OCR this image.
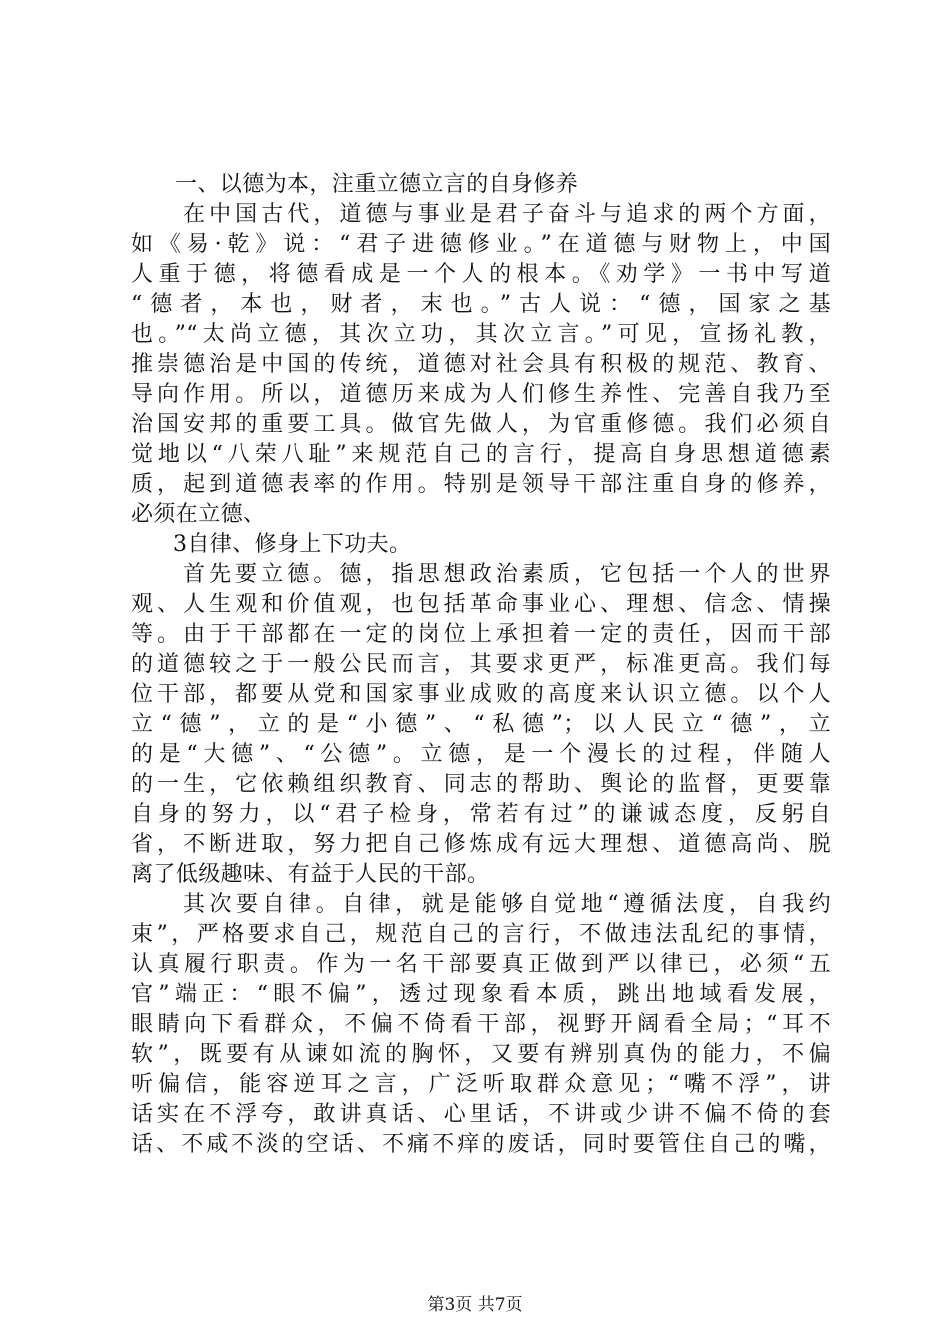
一、以德为本，注重立德立言的自身修养
在中国古代，道德与事业是君子奋斗与追求的两个方面，
如《易·乾》说：“君子进德修业。”在道德与财物上，中国
人重于德，将德看成是一个人的根本。《劝学》一书中写道
“德者，本也，财者，末也。”古人说：“德，国家之基
也。”“太尚立德，其次立功，其次立言。”可见，宣扬礼教，
推崇德治是中国的传统，道德对社会具有积极的规范、教育、
导向作用。所以，道德历来成为人们修生养性、完善自我乃至
治国安邦的重要工具。做官先做人，为官重修德。我们必须自
觉地以“八荣八耻”来规范自己的言行，提高自身思想道德素
质，起到道德表率的作用。特别是领导干部注重自身的修养，
必须在立德、
3自律、修身上下功夫。
首先要立德。德，指思想政治素质，它包括一个人的世界
观、人生观和价值观，也包括革命事业心、理想、信念、情操
等。由于干部都在一定的岗位上承担着一定的责任，因而干部
的道德较之于一般公民而言，其要求更严，标准更高。我们每
位干部，都要从党和国家事业成败的高度来认识立德。以个人
立“德”，立的是“小德”、“私德”；以人民立“德”，立
的是“大德”、“公德”。立德，是一个漫长的过程，伴随人
的一生，它依赖组织教育、同志的帮助、舆论的监督，更要靠
自身的努力，以“君子检身，常若有过”的谦诚态度，反躬自
省，不断进取，努力把自己修炼成有远大理想、道德高尚、脱
离了低级趣味、有益于人民的干部。
其次要自律。自律，就是能够自觉地“遵循法度，自我约
束”，严格要求自己，规范自己的言行，不做违法乱纪的事情，
认真履行职责。作为一名干部要真正做到严以律已，必须“五
官”端正：“眼不偏”，透过现象看本质，跳出地域看发展，
眼睛向下看群众，不偏不倚看干部，视野开阔看全局；“耳不
软”，既要有从谏如流的胸怀，又要有辨别真伪的能力，不偏
听偏信，能容逆耳之言，广泛听取群众意见；“嘴不浮”，讲
话实在不浮夸，敢讲真话、心里话，不讲或少讲不偏不倚的套
话、不咸不淡的空话、不痛不痒的废话，同时要管住自己的嘴，
第3页 共7页
